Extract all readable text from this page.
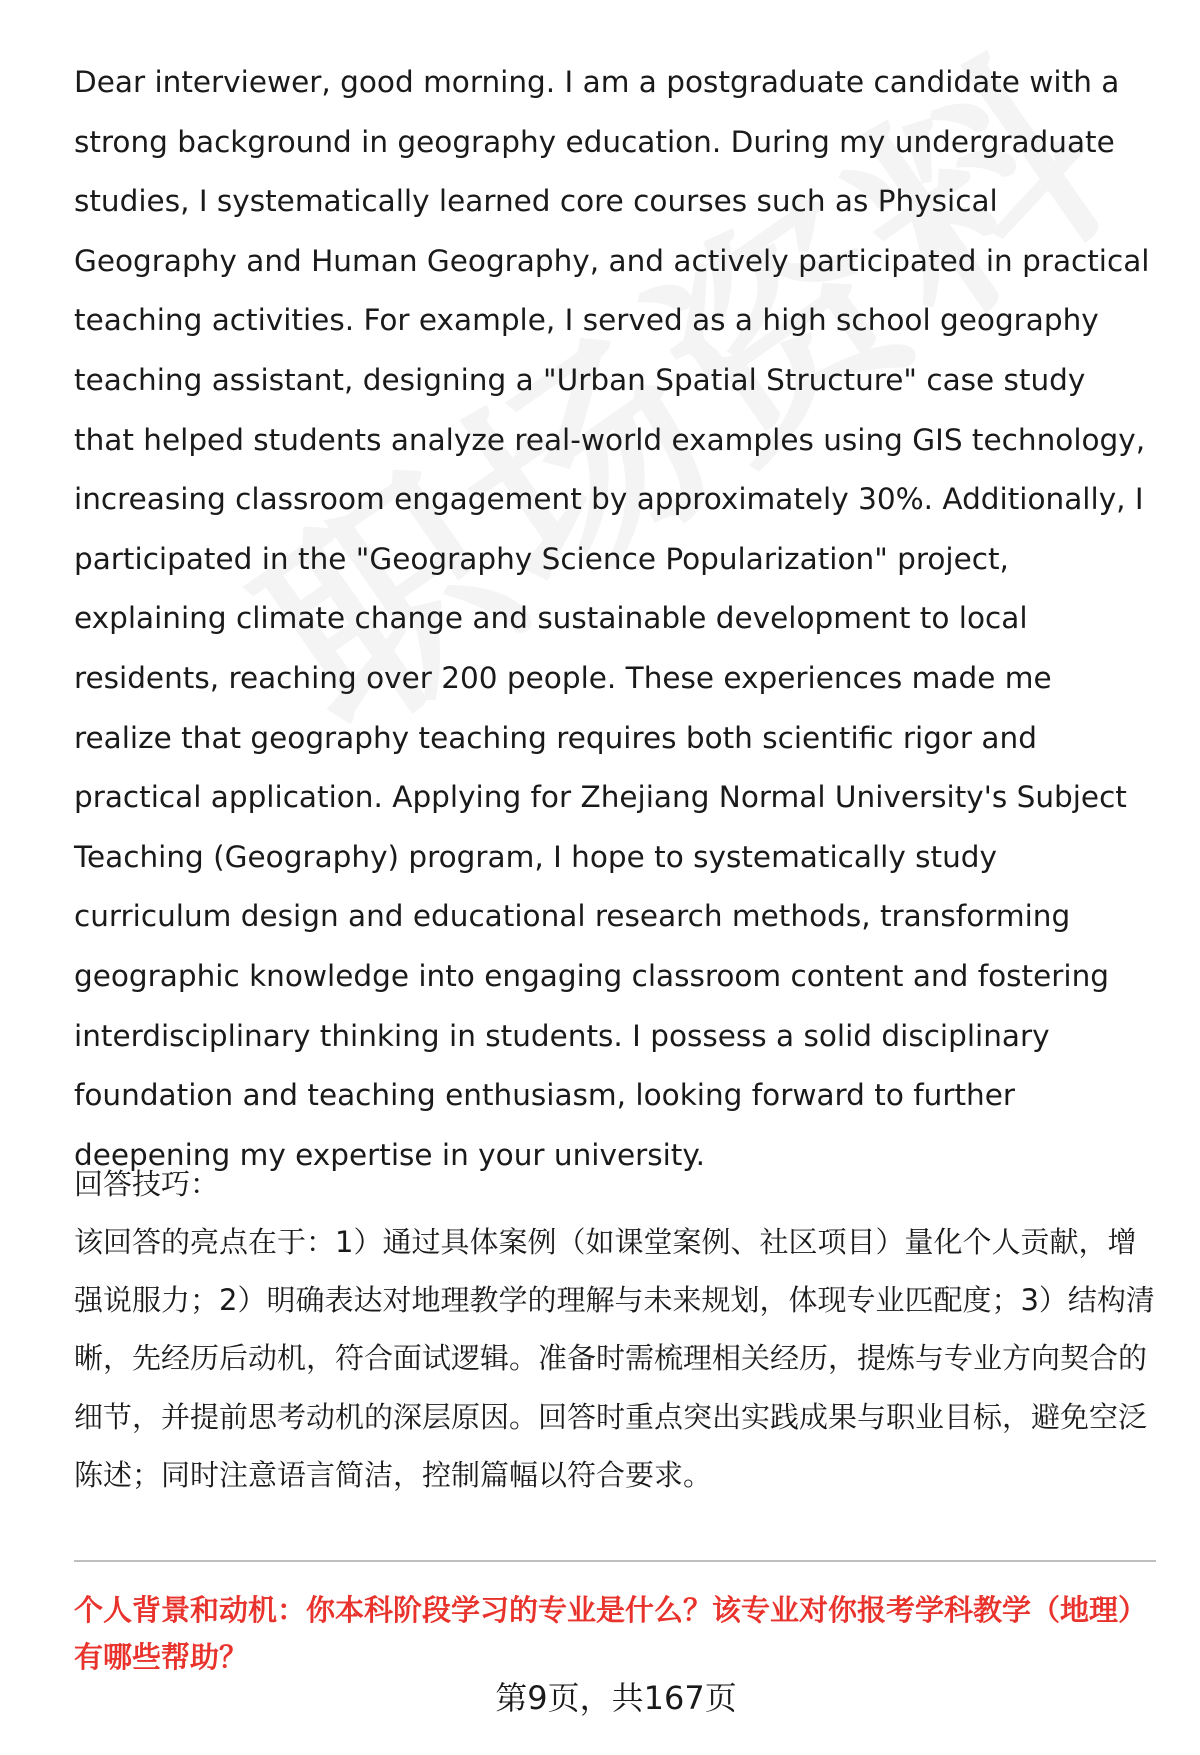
Dear interviewer, good morning. I am a postgraduate candidate with a strong background in geography education. During my undergraduate studies, I systematically learned core courses such as Physical Geography and Human Geography, and actively participated in practical teaching activities. For example, I served as a high school geography teaching assistant, designing a "Urban Spatial Structure" case study that helped students analyze real-world examples using GIS technology, increasing classroom engagement by approximately 30%. Additionally, I participated in the "Geography Science Popularization" project, explaining climate change and sustainable development to local residents, reaching over 200 people. These experiences made me realize that geography teaching requires both scientific rigor and practical application. Applying for Zhejiang Normal University's Subject Teaching (Geography) program, I hope to systematically study curriculum design and educational research methods, transforming geographic knowledge into engaging classroom content and fostering interdisciplinary thinking in students. I possess a solid disciplinary foundation and teaching enthusiasm, looking forward to further deepening my expertise in your university.

回答技巧：

该回答的亮点在于：1）通过具体案例（如课堂案例、社区项目）量化个人贡献，增强说服力；2）明确表达对地理教学的理解与未来规划，体现专业匹配度；3）结构清晰，先经历后动机，符合面试逻辑。准备时需梳理相关经历，提炼与专业方向契合的细节，并提前思考动机的深层原因。回答时重点突出实践成果与职业目标，避免空泛陈述；同时注意语言简洁，控制篇幅以符合要求。

个人背景和动机：你本科阶段学习的专业是什么？该专业对你报考学科教学（地理）有哪些帮助？

第9页，共167页
